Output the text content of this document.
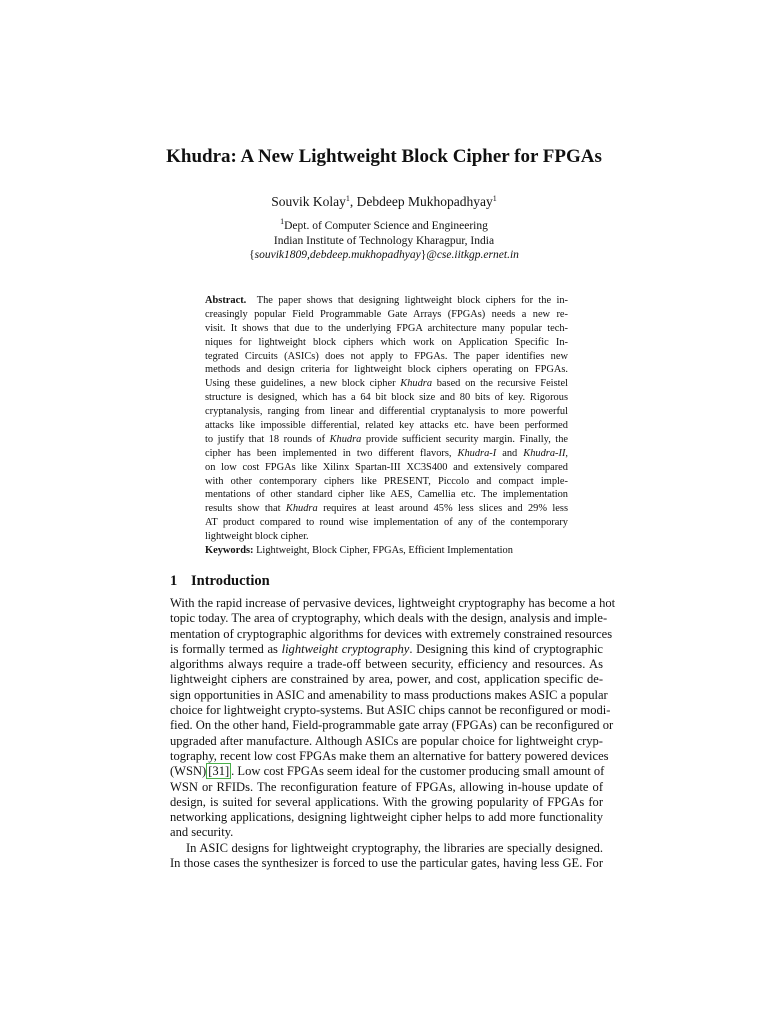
Khudra: A New Lightweight Block Cipher for FPGAs
Souvik Kolay$^1$, Debdeep Mukhopadhyay$^1$
$^1$Dept. of Computer Science and Engineering
Indian Institute of Technology Kharagpur, India
{souvik1809,debdeep.mukhopadhyay}@cse.iitkgp.ernet.in
Abstract. The paper shows that designing lightweight block ciphers for the in-
creasingly popular Field Programmable Gate Arrays (FPGAs) needs a new re-
visit. It shows that due to the underlying FPGA architecture many popular tech-
niques for lightweight block ciphers which work on Application Specific In-
tegrated Circuits (ASICs) does not apply to FPGAs. The paper identifies new
methods and design criteria for lightweight block ciphers operating on FPGAs.
Using these guidelines, a new block cipher Khudra based on the recursive Feistel
structure is designed, which has a 64 bit block size and 80 bits of key. Rigorous
cryptanalysis, ranging from linear and differential cryptanalysis to more powerful
attacks like impossible differential, related key attacks etc. have been performed
to justify that 18 rounds of Khudra provide sufficient security margin. Finally, the
cipher has been implemented in two different flavors, Khudra-I and Khudra-II,
on low cost FPGAs like Xilinx Spartan-III XC3S400 and extensively compared
with other contemporary ciphers like PRESENT, Piccolo and compact imple-
mentations of other standard cipher like AES, Camellia etc. The implementation
results show that Khudra requires at least around 45% less slices and 29% less
AT product compared to round wise implementation of any of the contemporary
lightweight block cipher.
Keywords: Lightweight, Block Cipher, FPGAs, Efficient Implementation
1 Introduction
With the rapid increase of pervasive devices, lightweight cryptography has become a hot
topic today. The area of cryptography, which deals with the design, analysis and imple-
mentation of cryptographic algorithms for devices with extremely constrained resources
is formally termed as lightweight cryptography. Designing this kind of cryptographic
algorithms always require a trade-off between security, efficiency and resources. As
lightweight ciphers are constrained by area, power, and cost, application specific de-
sign opportunities in ASIC and amenability to mass productions makes ASIC a popular
choice for lightweight crypto-systems. But ASIC chips cannot be reconfigured or modi-
fied. On the other hand, Field-programmable gate array (FPGAs) can be reconfigured or
upgraded after manufacture. Although ASICs are popular choice for lightweight cryp-
tography, recent low cost FPGAs make them an alternative for battery powered devices
(WSN) [31] . Low cost FPGAs seem ideal for the customer producing small amount of
WSN or RFIDs. The reconfiguration feature of FPGAs, allowing in-house update of
design, is suited for several applications. With the growing popularity of FPGAs for
networking applications, designing lightweight cipher helps to add more functionality
and security.
In ASIC designs for lightweight cryptography, the libraries are specially designed.
In those cases the synthesizer is forced to use the particular gates, having less GE. For
